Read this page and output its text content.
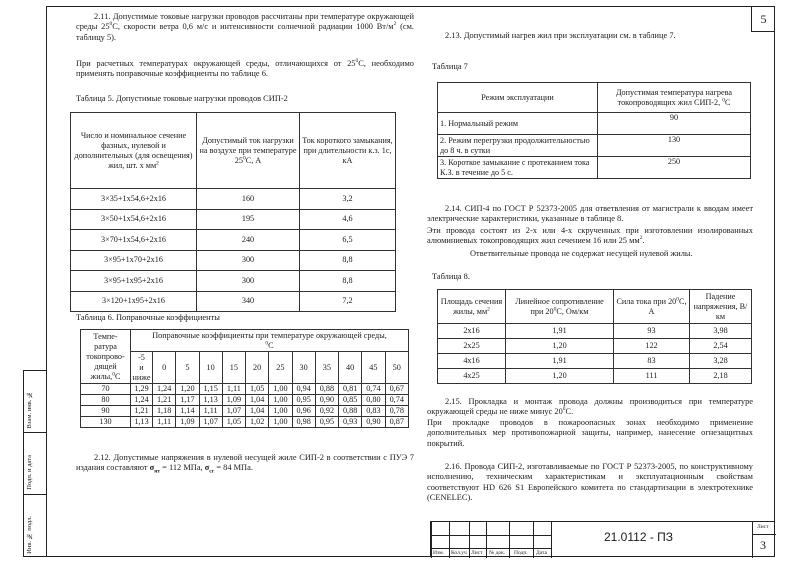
5
Взам. инв. №
Подп. и дата
Инв. № подл.

2.11. Допустимые токовые нагрузки проводов рассчитаны при температуре окружающей среды $25^0С$, скорости ветра 0,6 м/с и интенсивности солнечной радиации 1000 $Вт/м^2$ (см. таблицу 5).

При расчетных температурах окружающей среды, отличающихся от $25^0С$, необходимо применять поправочные коэффициенты по таблице 6.

Таблица 5. Допустимые токовые нагрузки проводов СИП-2

Число и номинальное сечение фазных, нулевой и дополнительных (для освещения) жил, шт. х $мм^2$	Допустимый ток нагрузки на воздухе при температуре $25^0С$, А	Ток короткого замыкания, при длительности к.з. 1с, кА
3×35+1х54,6+2х16	160	3,2
3×50+1х54,6+2х16	195	4,6
3×70+1х54,6+2х16	240	6,5
3×95+1х70+2х16	300	8,8
3×95+1х95+2х16	300	8,8
3×120+1х95+2х16	340	7,2

Таблица 6. Поправочные коэффициенты

Темпе-
ратура
токопрово-
дящей
жилы,$^0$С	Поправочные коэффициенты при температуре окружающей среды,
$^0$С											
	-5
и
ниже	0	5	10	15	20	25	30	35	40	45	50
70	1,29	1,24	1,20	1,15	1,11	1,05	1,00	0,94	0,88	0,81	0,74	0,67
80	1,24	1,21	1,17	1,13	1,09	1,04	1,00	0,95	0,90	0,85	0,80	0,74
90	1,21	1,18	1,14	1,11	1,07	1,04	1,00	0,96	0,92	0,88	0,83	0,78
130	1,13	1,11	1,09	1,07	1,05	1,02	1,00	0,98	0,95	0,93	0,90	0,87

2.12. Допустимые напряжения в нулевой несущей жиле СИП-2 в соответствии с ПУЭ 7 издания составляют $\sigma_{нт} = 112$ МПа, $\sigma_{сг} = 84$ МПа.

2.13. Допустимый нагрев жил при эксплуатации см. в таблице 7.

Таблица 7

Режим эксплуатации	Допустимая температура нагрева токопроводящих жил СИП-2, $^0$С
1. Нормальный режим	90
2. Режим перегрузки продолжительностью до 8 ч. в сутки	130
3. Короткое замыкание с протеканием тока К.З. в течение до 5 с.	250

2.14. СИП-4 по ГОСТ Р 52373-2005 для ответвления от магистрали к вводам имеет электрические характеристики, указанные в таблице 8.

Эти провода состоят из 2-х или 4-х скрученных при изготовлении изолированных алюминиевых токопроводящих жил сечением 16 или 25 $мм^2$.

Ответвительные провода не содержат несущей нулевой жилы.

Таблица 8.

Площадь сечения жилы, $мм^2$	Линейное сопротивление при $20^0С$, Ом/км	Сила тока при $20^0С$, А	Падение напряжения, В/км
2х16	1,91	93	3,98
2х25	1,20	122	2,54
4х16	1,91	83	3,28
4х25	1,20	111	2,18

2.15. Прокладка и монтаж провода должны производиться при температуре окружающей среды не ниже минус $20^0С$.

При прокладке проводов в пожароопасных зонах необходимо применение дополнительных мер противопожарной защиты, например, нанесение огнезащитных покрытий.

2.16. Провода СИП-2, изготавливаемые по ГОСТ Р 52373-2005, по конструктивному исполнению, техническим характеристикам и эксплуатационным свойствам соответствуют HD 626 S1 Европейского комитета по стандартизации в электротехнике (CENELEC).

Изм. Кол.уч Лист № док. Подп. Дата
21.0112 - ПЗ
Лист
3
